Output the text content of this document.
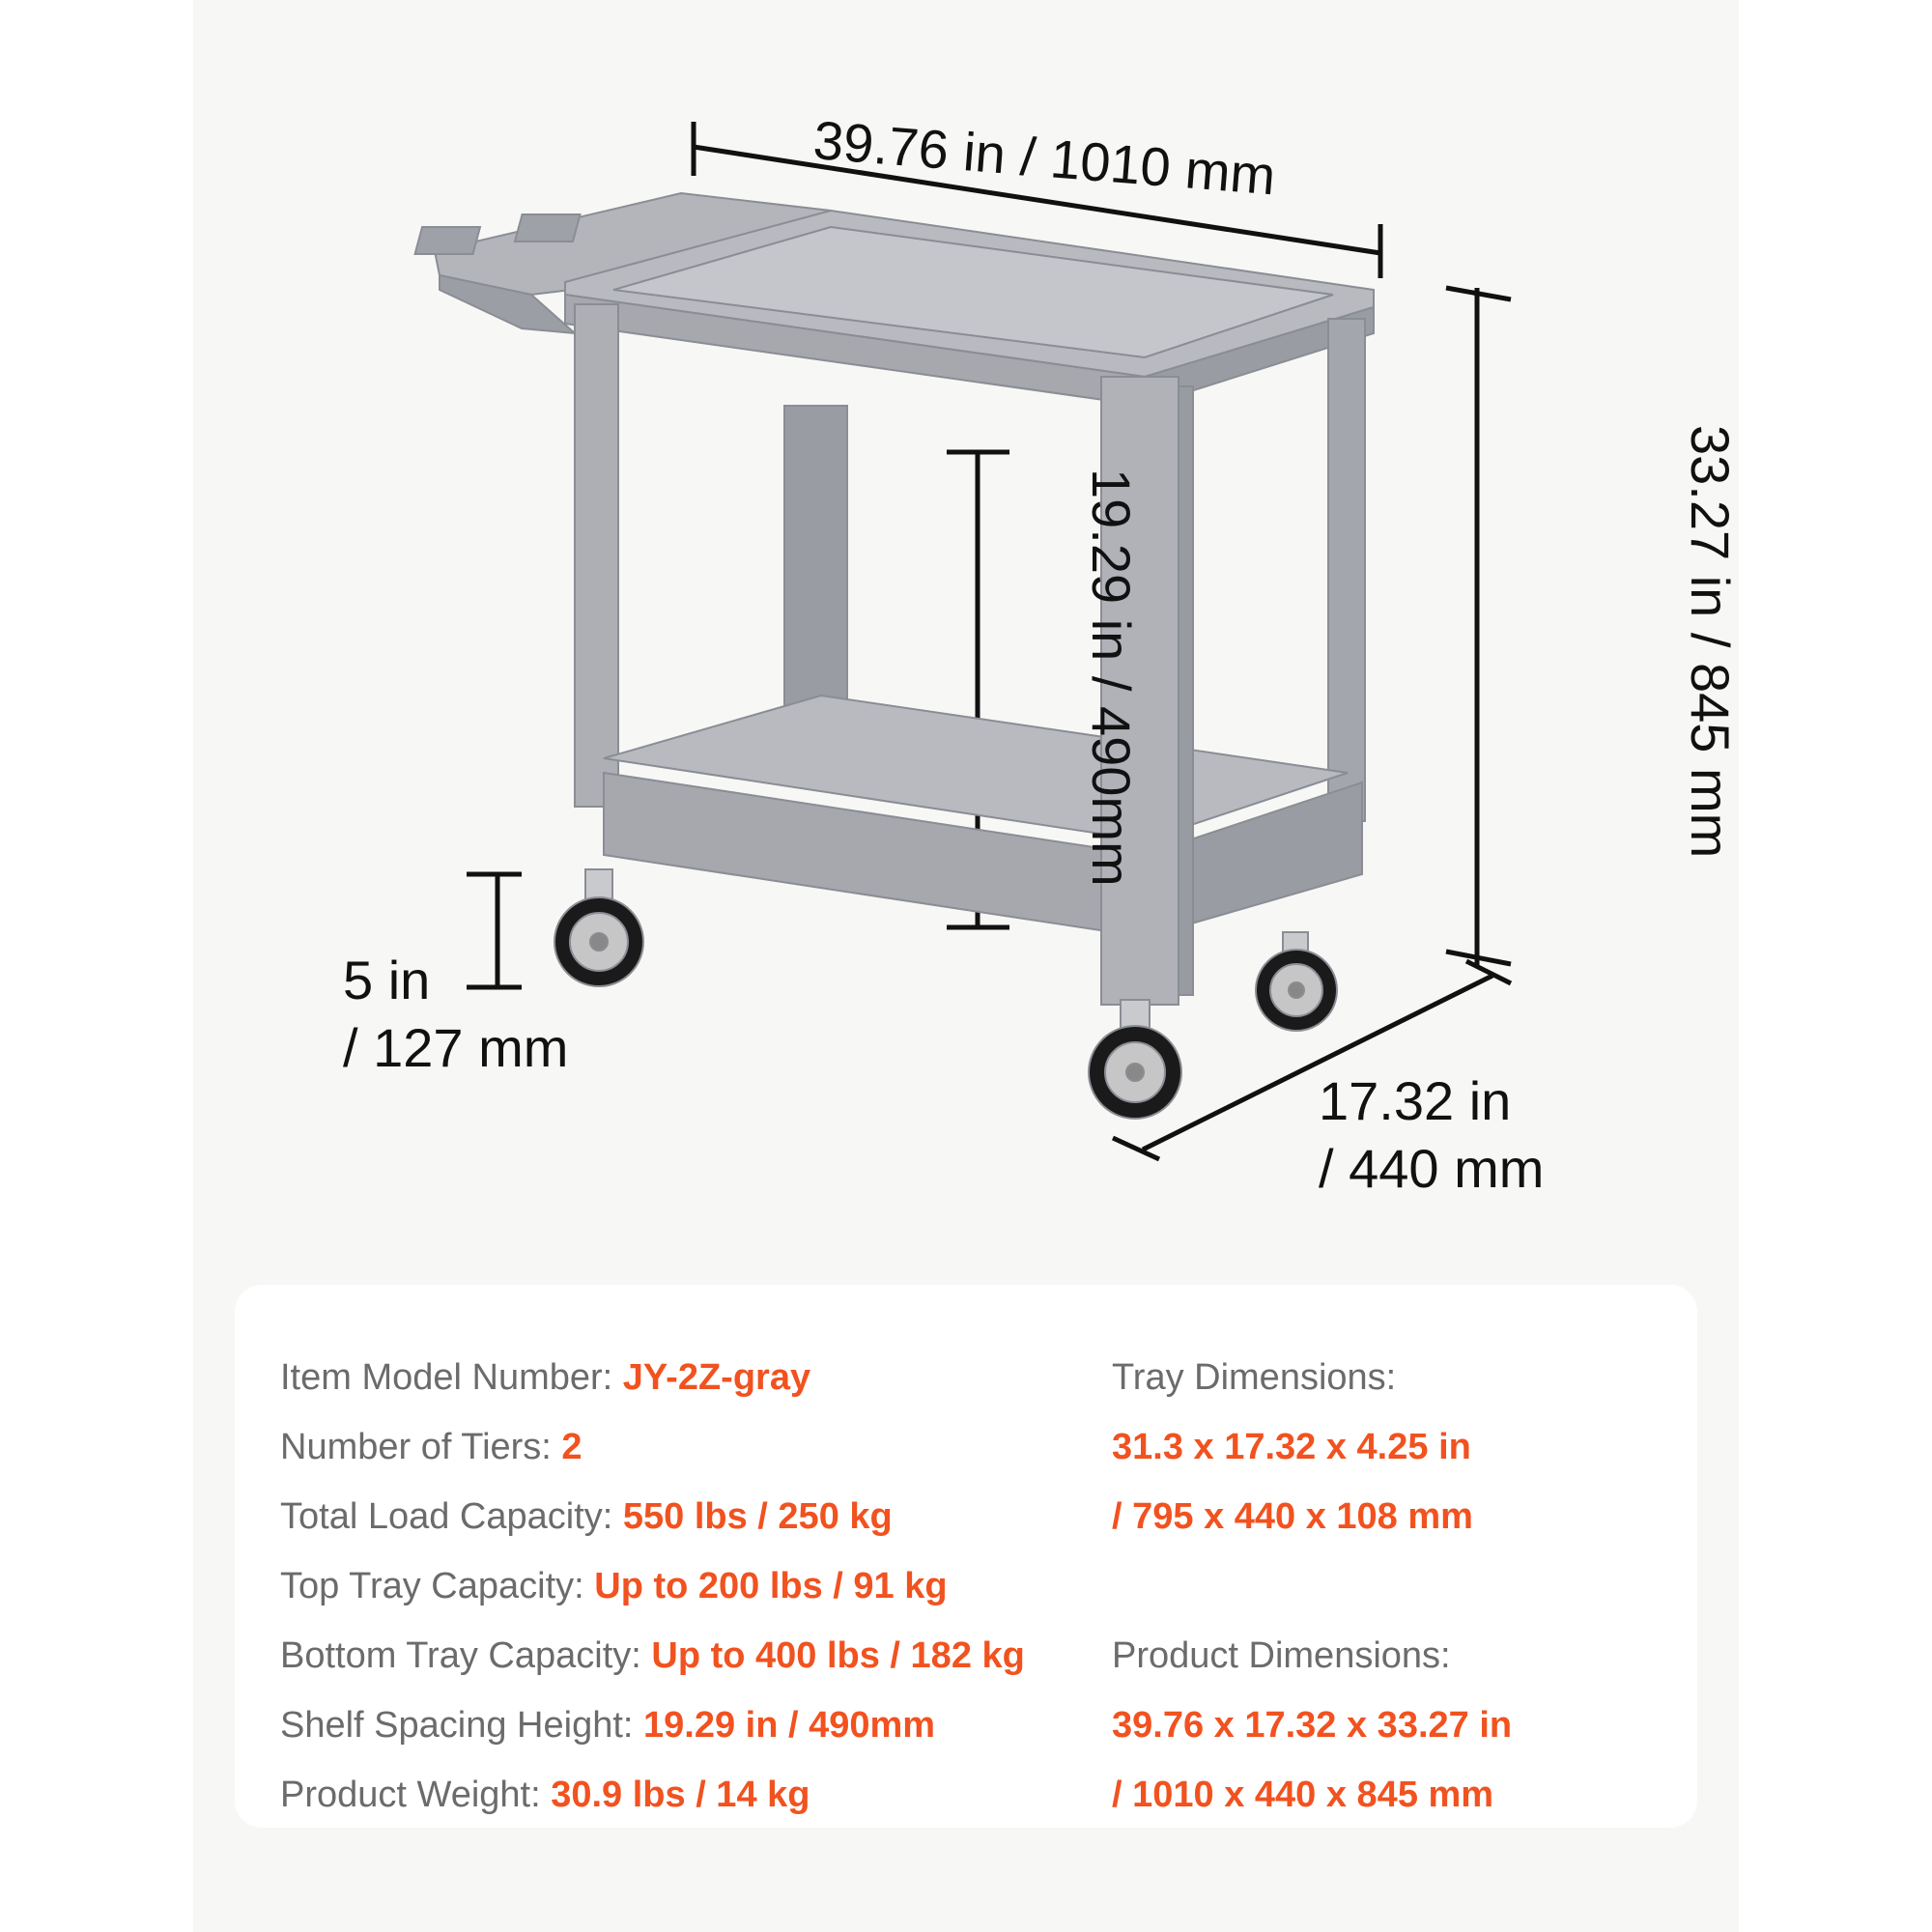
39.76 in / 1010 mm
19.29 in / 490mm	33.27 in / 845 mm
5 in
/ 127 mm
17.32 in
/ 440 mm
Item Model Number: JY-2Z-gray
Number of Tiers: 2
Total Load Capacity: 550 lbs / 250 kg
Top Tray Capacity: Up to 200 lbs / 91 kg
Bottom Tray Capacity: Up to 400 lbs / 182 kg
Shelf Spacing Height: 19.29 in / 490mm
Product Weight: 30.9 lbs / 14 kg
Tray Dimensions:
31.3 x 17.32 x 4.25 in
/ 795 x 440 x 108 mm
Product Dimensions:
39.76 x 17.32 x 33.27 in
/ 1010 x 440 x 845 mm
